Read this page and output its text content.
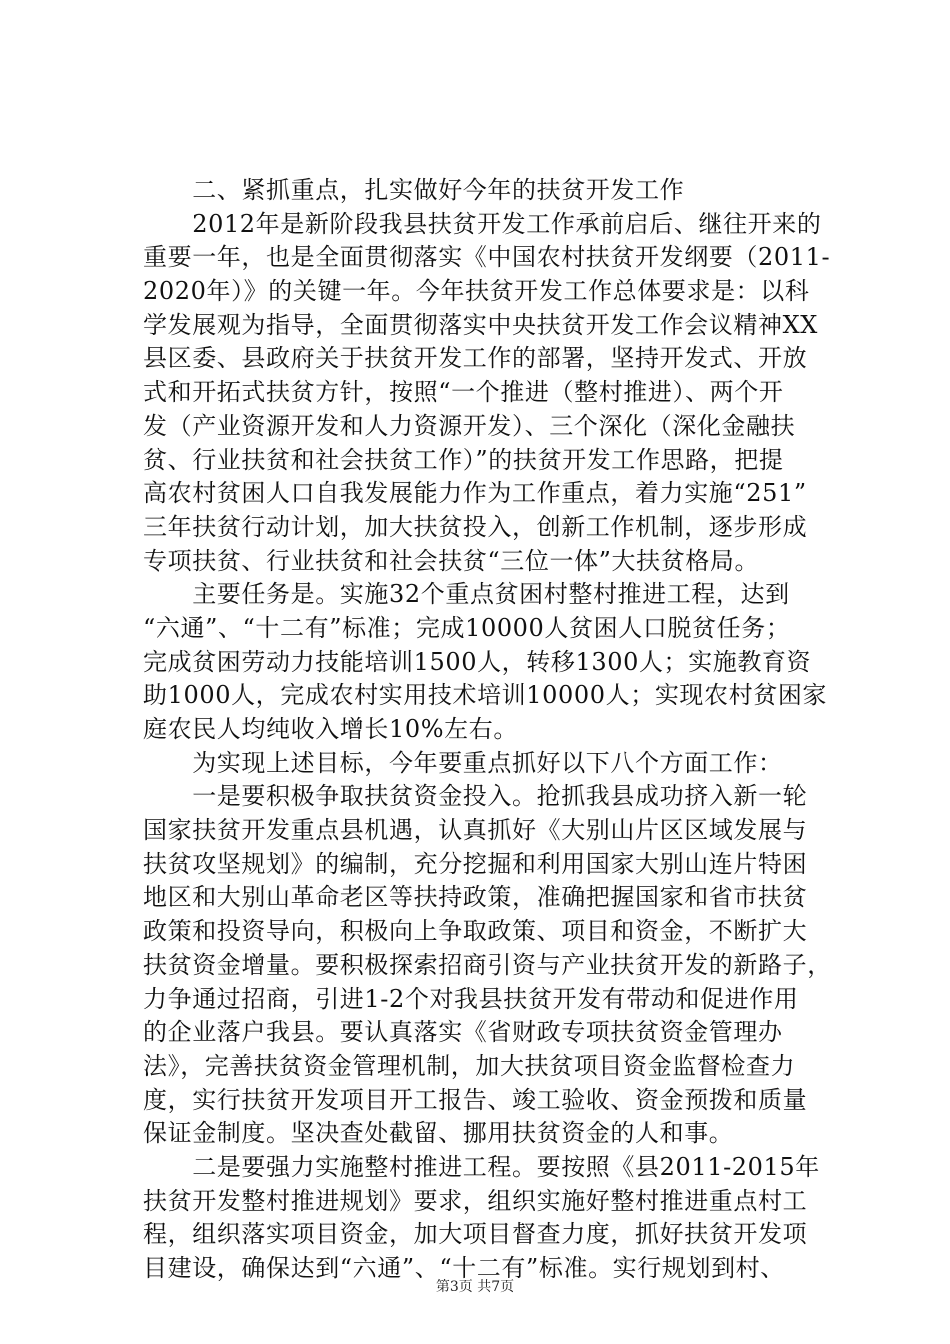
　　二、紧抓重点，扎实做好今年的扶贫开发工作
　　2012年是新阶段我县扶贫开发工作承前启后、继往开来的
重要一年，也是全面贯彻落实《中国农村扶贫开发纲要（2011-
2020年）》的关键一年。今年扶贫开发工作总体要求是：以科
学发展观为指导，全面贯彻落实中央扶贫开发工作会议精神XX
县区委、县政府关于扶贫开发工作的部署，坚持开发式、开放
式和开拓式扶贫方针，按照“一个推进（整村推进）、两个开
发（产业资源开发和人力资源开发）、三个深化（深化金融扶
贫、行业扶贫和社会扶贫工作）”的扶贫开发工作思路，把提
高农村贫困人口自我发展能力作为工作重点，着力实施“251”
三年扶贫行动计划，加大扶贫投入，创新工作机制，逐步形成
专项扶贫、行业扶贫和社会扶贫“三位一体”大扶贫格局。
　　主要任务是。实施32个重点贫困村整村推进工程，达到
“六通”、“十二有”标准；完成10000人贫困人口脱贫任务；
完成贫困劳动力技能培训1500人，转移1300人；实施教育资
助1000人，完成农村实用技术培训10000人；实现农村贫困家
庭农民人均纯收入增长10%左右。
　　为实现上述目标，今年要重点抓好以下八个方面工作：
　　一是要积极争取扶贫资金投入。抢抓我县成功挤入新一轮
国家扶贫开发重点县机遇，认真抓好《大别山片区区域发展与
扶贫攻坚规划》的编制，充分挖掘和利用国家大别山连片特困
地区和大别山革命老区等扶持政策，准确把握国家和省市扶贫
政策和投资导向，积极向上争取政策、项目和资金，不断扩大
扶贫资金增量。要积极探索招商引资与产业扶贫开发的新路子，
力争通过招商，引进1-2个对我县扶贫开发有带动和促进作用
的企业落户我县。要认真落实《省财政专项扶贫资金管理办
法》，完善扶贫资金管理机制，加大扶贫项目资金监督检查力
度，实行扶贫开发项目开工报告、竣工验收、资金预拨和质量
保证金制度。坚决查处截留、挪用扶贫资金的人和事。
　　二是要强力实施整村推进工程。要按照《县2011-2015年
扶贫开发整村推进规划》要求，组织实施好整村推进重点村工
程，组织落实项目资金，加大项目督查力度，抓好扶贫开发项
目建设，确保达到“六通”、“十二有”标准。实行规划到村、
第3页 共7页
